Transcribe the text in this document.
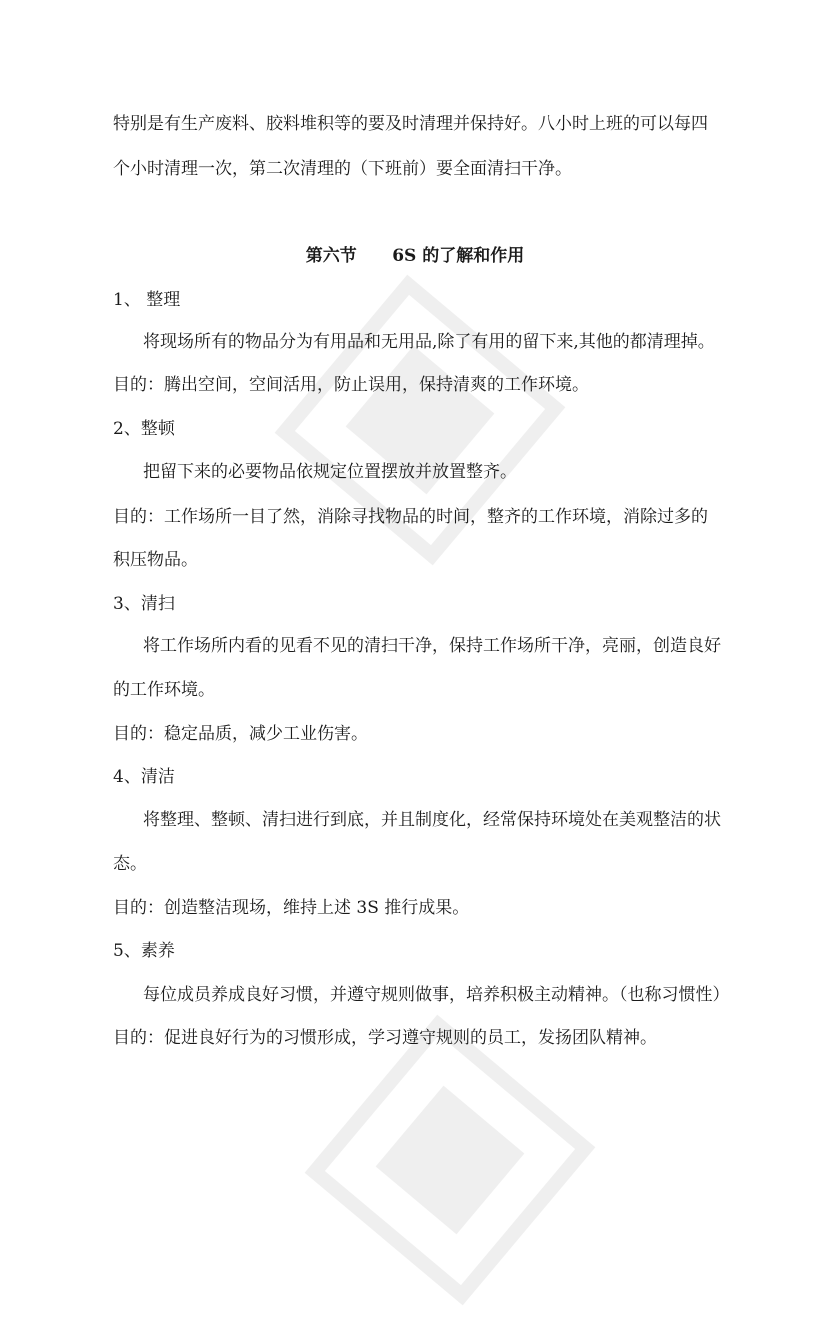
特别是有生产废料、胶料堆积等的要及时清理并保持好。八小时上班的可以每四
个小时清理一次，第二次清理的（下班前）要全面清扫干净。
第六节      6S 的了解和作用
1、 整理
将现场所有的物品分为有用品和无用品,除了有用的留下来,其他的都清理掉。
目的：腾出空间，空间活用，防止误用，保持清爽的工作环境。
2、整顿
把留下来的必要物品依规定位置摆放并放置整齐。
目的：工作场所一目了然，消除寻找物品的时间，整齐的工作环境，消除过多的
积压物品。
3、清扫
将工作场所内看的见看不见的清扫干净，保持工作场所干净，亮丽，创造良好
的工作环境。
目的：稳定品质，减少工业伤害。
4、清洁
将整理、整顿、清扫进行到底，并且制度化，经常保持环境处在美观整洁的状
态。
目的：创造整洁现场，维持上述 3S 推行成果。
5、素养
每位成员养成良好习惯，并遵守规则做事，培养积极主动精神。（也称习惯性）
目的：促进良好行为的习惯形成，学习遵守规则的员工，发扬团队精神。
